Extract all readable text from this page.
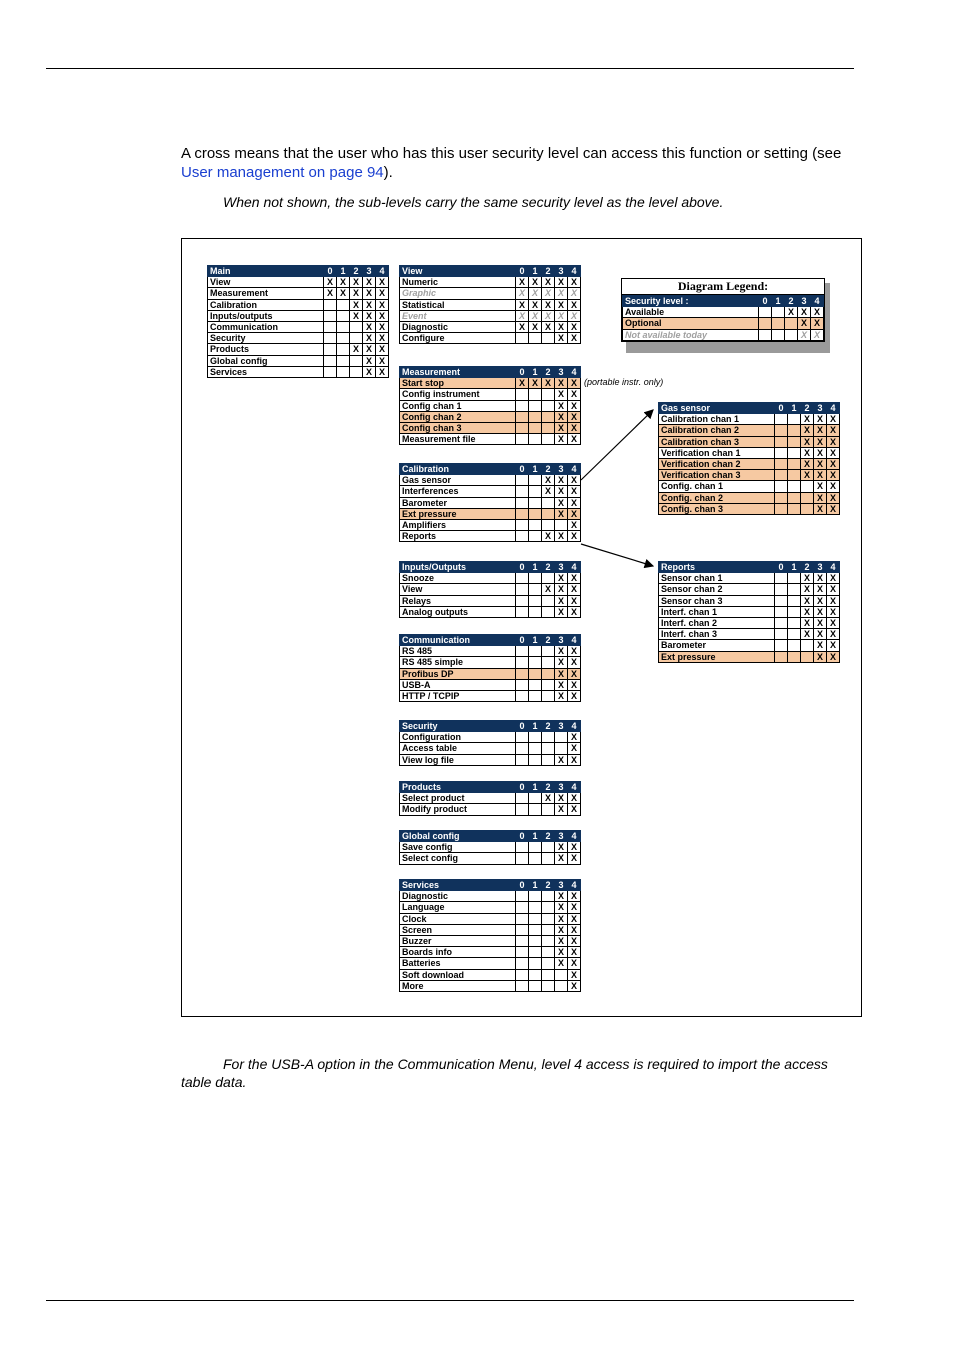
A cross means that the user who has this user security level can access this function or setting (see User management on page 94).
When not shown, the sub-levels carry the same security level as the level above.
Main	0	1	2	3	4
View	X	X	X	X	X
Measurement	X	X	X	X	X
Calibration			X	X	X
Inputs/outputs			X	X	X
Communication				X	X
Security				X	X
Products			X	X	X
Global config				X	X
Services				X	X
View	0	1	2	3	4
Numeric	X	X	X	X	X
Graphic	X	X	X	X	X
Statistical	X	X	X	X	X
Event	X	X	X	X	X
Diagnostic	X	X	X	X	X
Configure				X	X
Measurement	0	1	2	3	4
Start stop	X	X	X	X	X
Config instrument				X	X
Config chan 1				X	X
Config chan 2				X	X
Config chan 3				X	X
Measurement file				X	X
Calibration	0	1	2	3	4
Gas sensor			X	X	X
Interferences			X	X	X
Barometer				X	X
Ext pressure				X	X
Amplifiers					X
Reports			X	X	X
Inputs/Outputs	0	1	2	3	4
Snooze				X	X
View			X	X	X
Relays				X	X
Analog outputs				X	X
Communication	0	1	2	3	4
RS 485				X	X
RS 485 simple				X	X
Profibus DP				X	X
USB-A				X	X
HTTP / TCPIP				X	X
Security	0	1	2	3	4
Configuration					X
Access table					X
View log file				X	X
Products	0	1	2	3	4
Select product			X	X	X
Modify product				X	X
Global config	0	1	2	3	4
Save config				X	X
Select config				X	X
Services	0	1	2	3	4
Diagnostic				X	X
Language				X	X
Clock				X	X
Screen				X	X
Buzzer				X	X
Boards info				X	X
Batteries				X	X
Soft download					X
More					X
Gas sensor	0	1	2	3	4
Calibration chan 1			X	X	X
Calibration chan 2			X	X	X
Calibration chan 3			X	X	X
Verification chan 1			X	X	X
Verification chan 2			X	X	X
Verification chan 3			X	X	X
Config. chan 1				X	X
Config. chan 2				X	X
Config. chan 3				X	X
Reports	0	1	2	3	4
Sensor chan 1			X	X	X
Sensor chan 2			X	X	X
Sensor chan 3			X	X	X
Interf. chan 1			X	X	X
Interf. chan 2			X	X	X
Interf. chan 3			X	X	X
Barometer				X	X
Ext pressure				X	X
(portable instr. only)
Diagram Legend:
Security level :	0	1	2	3	4
Available			X	X	X
Optional				X	X
Not available today				X	X
For the USB-A option in the Communication Menu, level 4 access is required to import the access table data.
